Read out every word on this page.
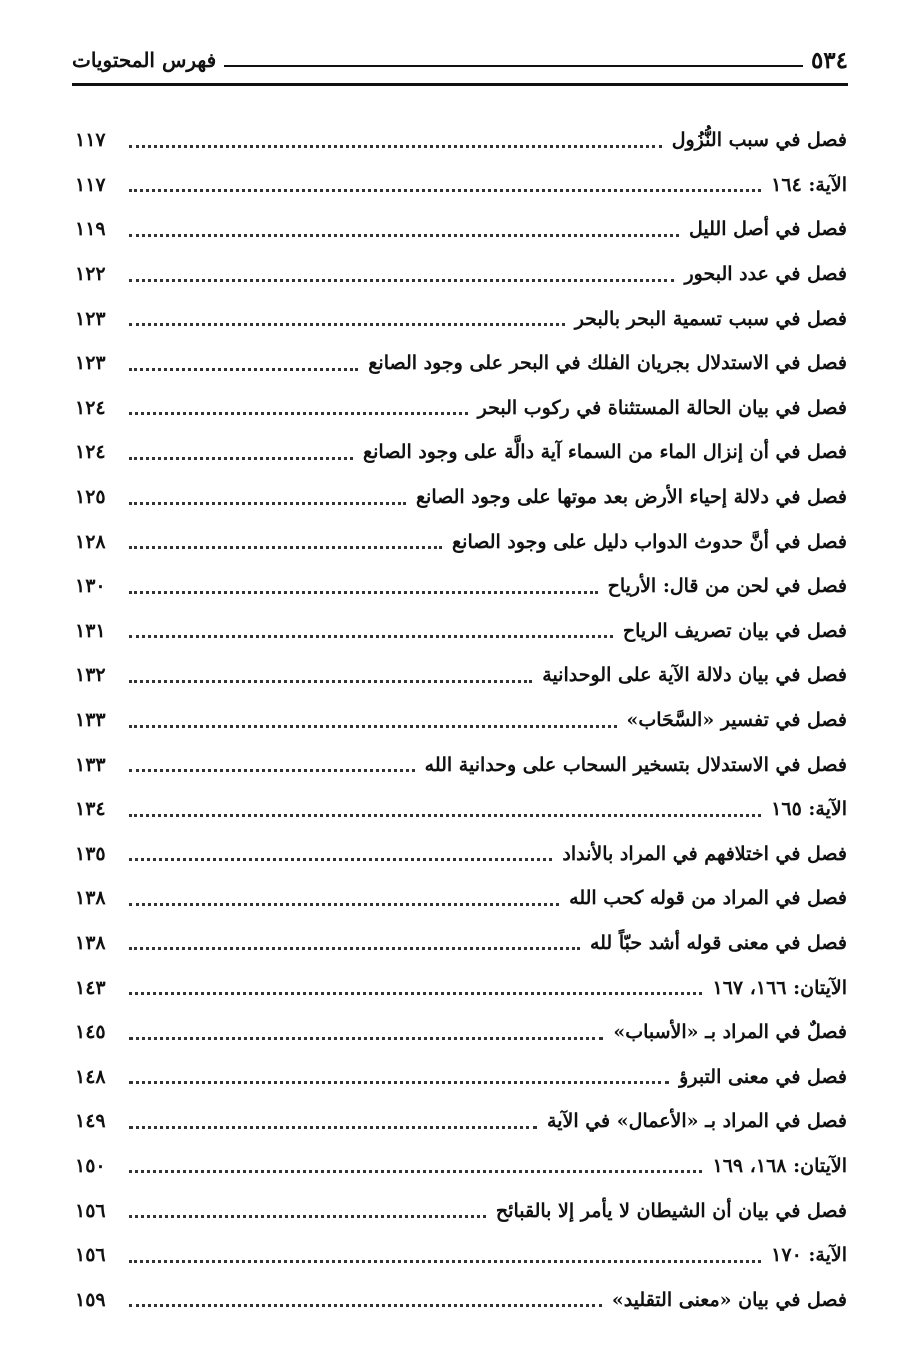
٥٣٤
فهرس المحتويات
فصل في سبب النُّزُول
١١٧
الآية: ١٦٤
١١٧
فصل في أصل الليل
١١٩
فصل في عدد البحور
١٢٢
فصل في سبب تسمية البحر بالبحر
١٢٣
فصل في الاستدلال بجريان الفلك في البحر على وجود الصانع
١٢٣
فصل في بيان الحالة المستثناة في ركوب البحر
١٢٤
فصل في أن إنزال الماء من السماء آية دالَّة على وجود الصانع
١٢٤
فصل في دلالة إحياء الأرض بعد موتها على وجود الصانع
١٢٥
فصل في أنَّ حدوث الدواب دليل على وجود الصانع
١٢٨
فصل في لحن من قال: الأرياح
١٣٠
فصل في بيان تصريف الرياح
١٣١
فصل في بيان دلالة الآية على الوحدانية
١٣٢
فصل في تفسير «السَّحَاب»
١٣٣
فصل في الاستدلال بتسخير السحاب على وحدانية الله
١٣٣
الآية: ١٦٥
١٣٤
فصل في اختلافهم في المراد بالأنداد
١٣٥
فصل في المراد من قوله كحب الله
١٣٨
فصل في معنى قوله أشد حبّاً لله
١٣٨
الآيتان: ١٦٦، ١٦٧
١٤٣
فصلٌ في المراد بـ «الأسباب»
١٤٥
فصل في معنى التبرؤ
١٤٨
فصل في المراد بـ «الأعمال» في الآية
١٤٩
الآيتان: ١٦٨، ١٦٩
١٥٠
فصل في بيان أن الشيطان لا يأمر إلا بالقبائح
١٥٦
الآية: ١٧٠
١٥٦
فصل في بيان «معنى التقليد»
١٥٩
